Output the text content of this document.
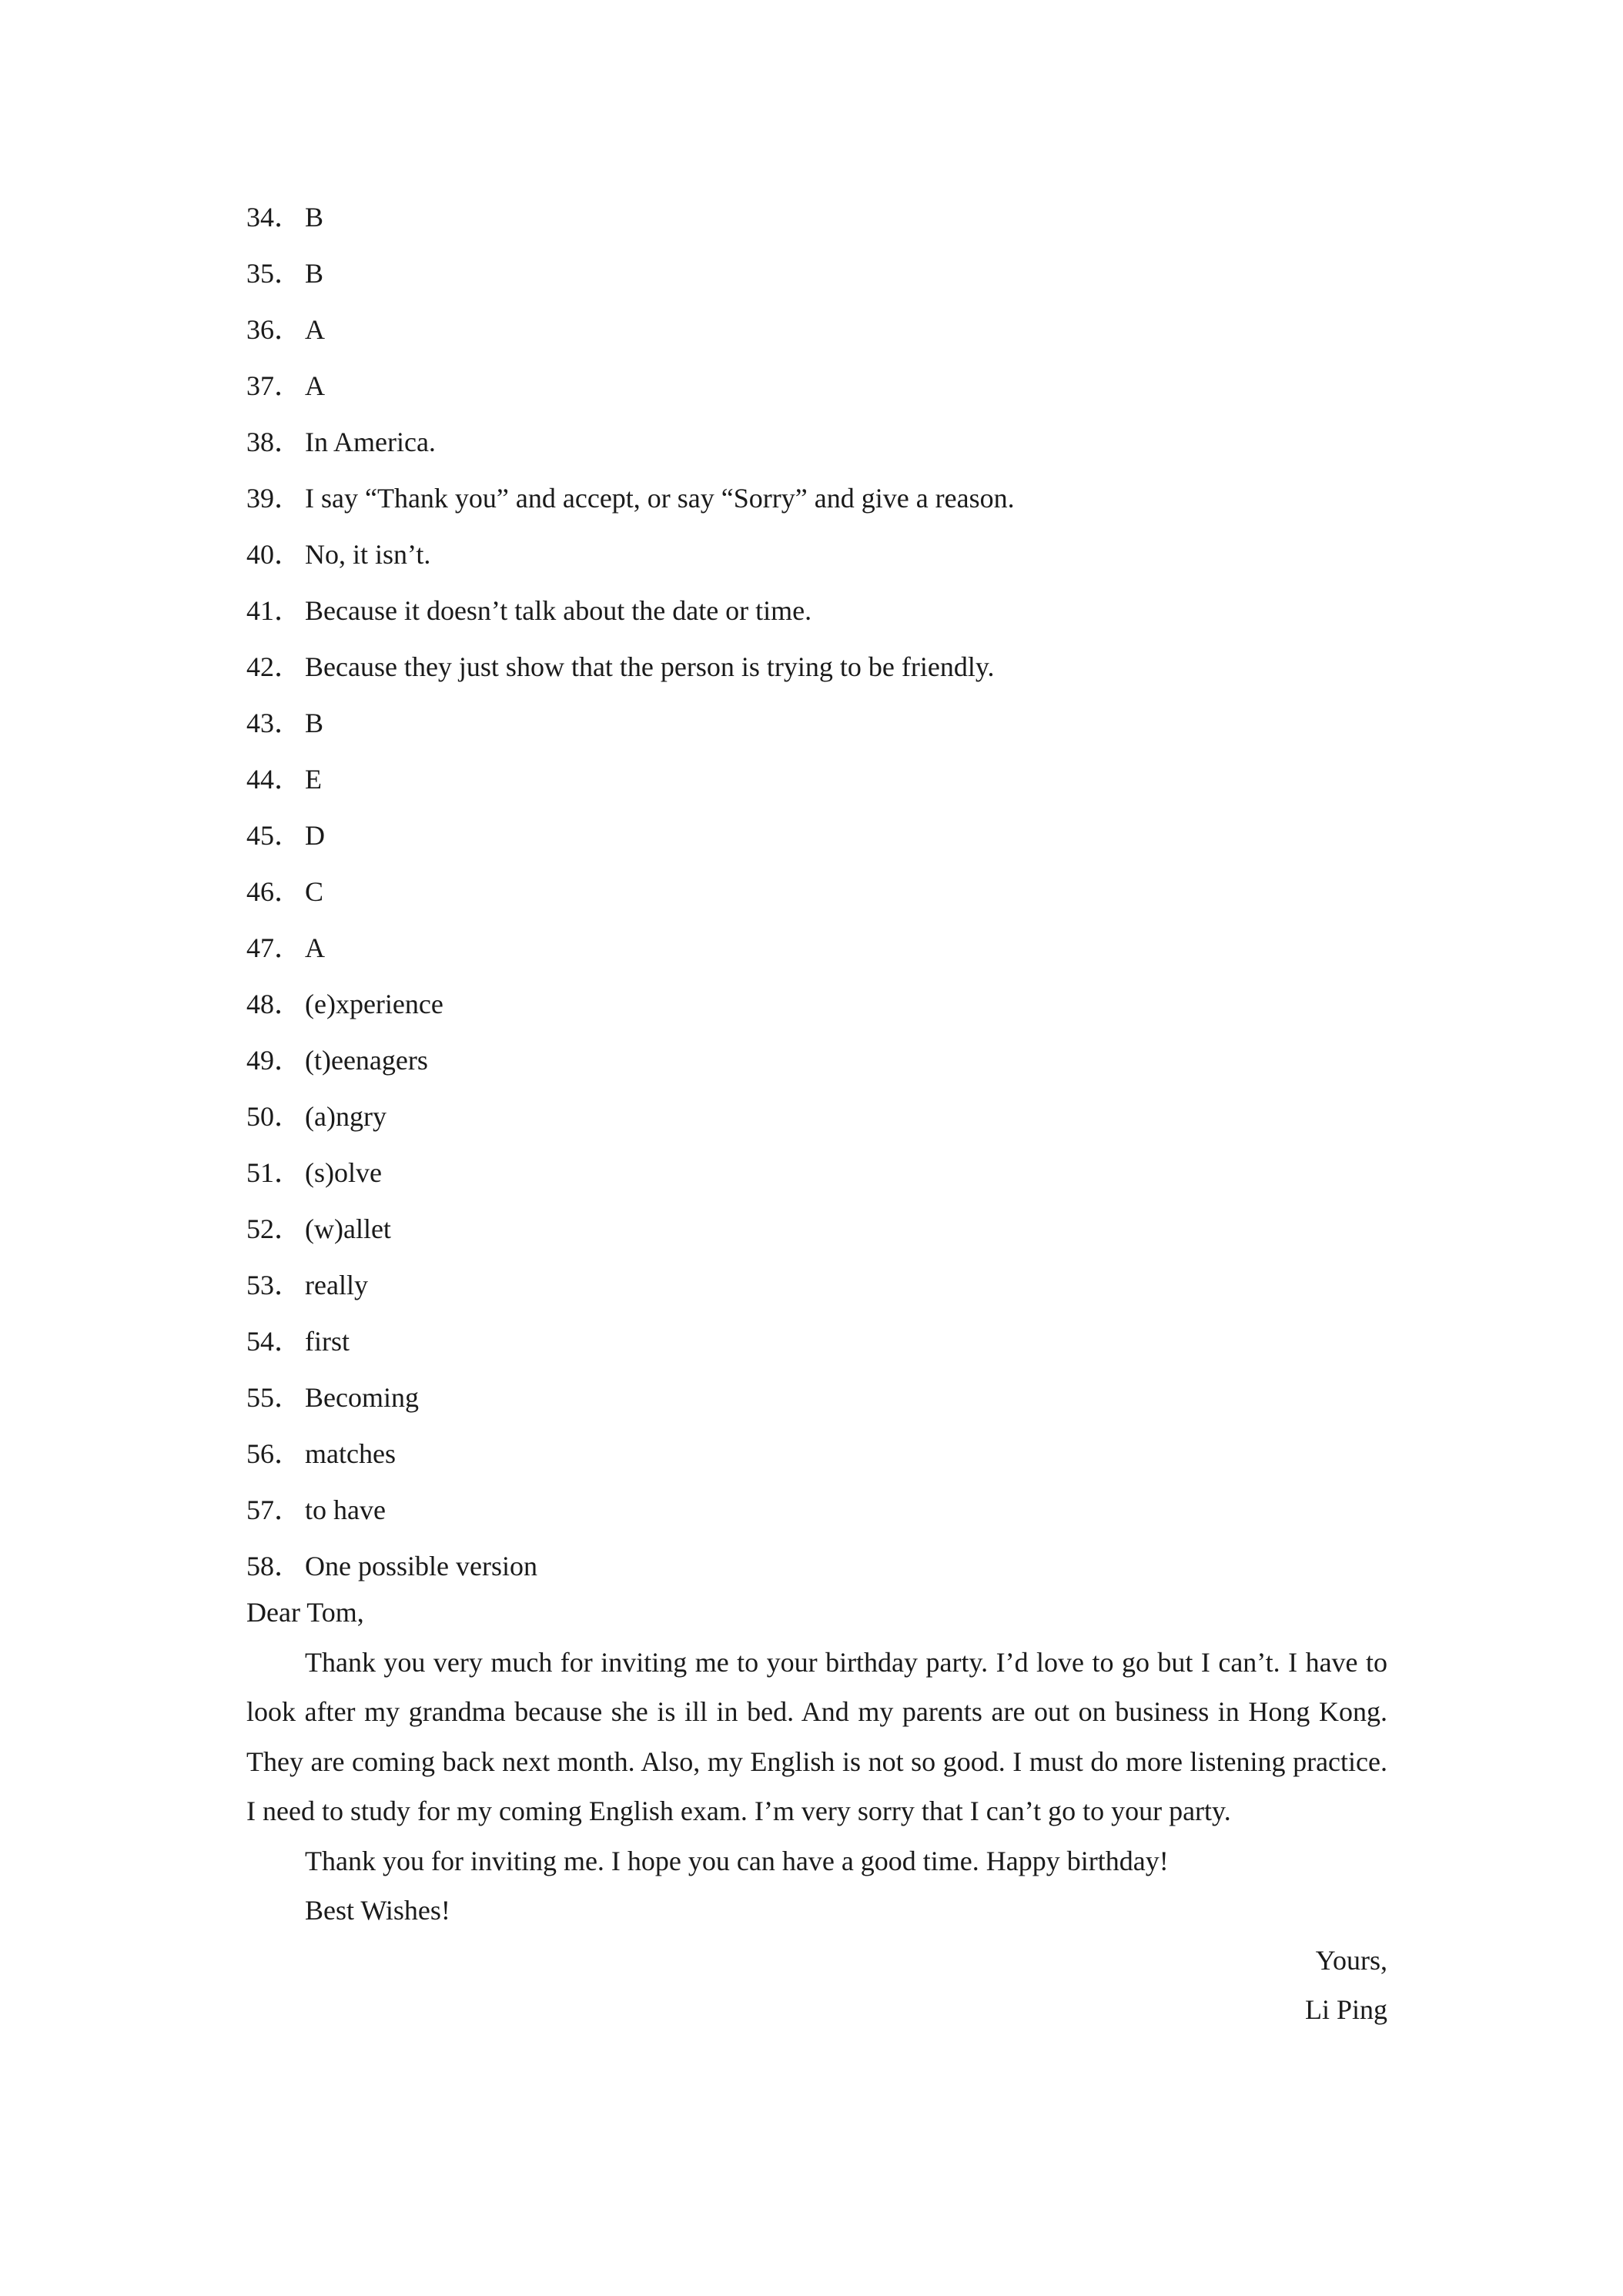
34． B
35． B
36． A
37． A
38． In America.
39． I say “Thank you” and accept, or say “Sorry” and give a reason.
40． No, it isn’t.
41． Because it doesn’t talk about the date or time.
42． Because they just show that the person is trying to be friendly.
43． B
44． E
45． D
46． C
47． A
48． (e)xperience
49． (t)eenagers
50． (a)ngry
51． (s)olve
52． (w)allet
53． really
54． first
55． Becoming
56． matches
57． to have
58． One possible version

Dear Tom,

Thank you very much for inviting me to your birthday party. I’d love to go but I can’t. I have to look after my grandma because she is ill in bed. And my parents are out on business in Hong Kong. They are coming back next month. Also, my English is not so good. I must do more listening practice. I need to study for my coming English exam. I’m very sorry that I can’t go to your party.

Thank you for inviting me. I hope you can have a good time. Happy birthday!

Best Wishes!

Yours,

Li Ping
